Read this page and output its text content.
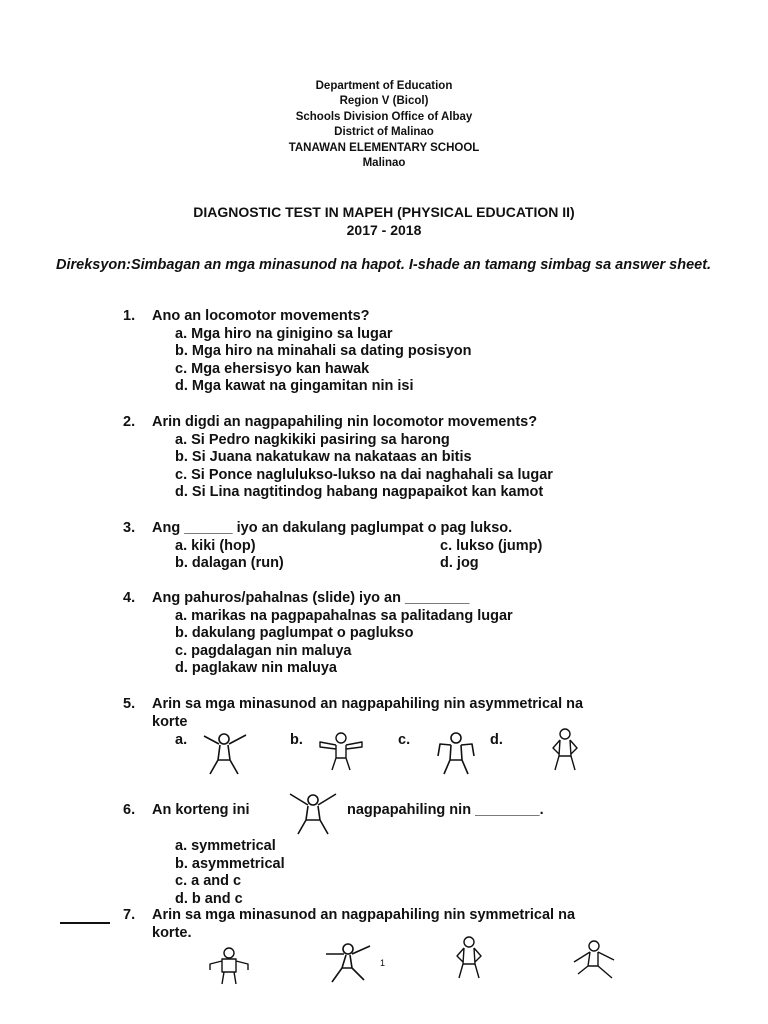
Department of Education
Region V (Bicol)
Schools Division Office of Albay
District of Malinao
TANAWAN ELEMENTARY SCHOOL
Malinao
DIAGNOSTIC TEST IN MAPEH (PHYSICAL EDUCATION II)
2017 - 2018
Direksyon:Simbagan an mga minasunod na hapot. I-shade an tamang simbag sa answer sheet.
1.	Ano an locomotor movements?
a. Mga hiro na ginigino sa lugar
b. Mga hiro na minahali sa dating posisyon
c. Mga ehersisyo kan hawak
d. Mga kawat na gingamitan nin isi
2.	Arin digdi an nagpapahiling nin locomotor movements?
a. Si Pedro nagkikiki pasiring sa harong
b. Si Juana nakatukaw na nakataas an bitis
c. Si Ponce naglulukso-lukso na dai naghahali sa lugar
d. Si Lina nagtitindog habang nagpapaikot kan kamot
3.	Ang ______ iyo an dakulang paglumpat o pag lukso.
a. kiki (hop)	c. lukso (jump)
b. dalagan (run)	d. jog
4.	Ang pahuros/pahalnas (slide) iyo an ________
a. marikas na pagpapahalnas sa palitadang lugar
b. dakulang paglumpat o paglukso
c. pagdalagan nin maluya
d. paglakaw nin maluya
5.	Arin sa mga minasunod an nagpapahiling nin asymmetrical na
korte
a.	b.	c.	d.
6.	An korteng ini	nagpapahiling nin ________.
a. symmetrical
b. asymmetrical
c. a and c
d. b and c
7.	Arin sa mga minasunod an nagpapahiling nin symmetrical na
korte.
1
